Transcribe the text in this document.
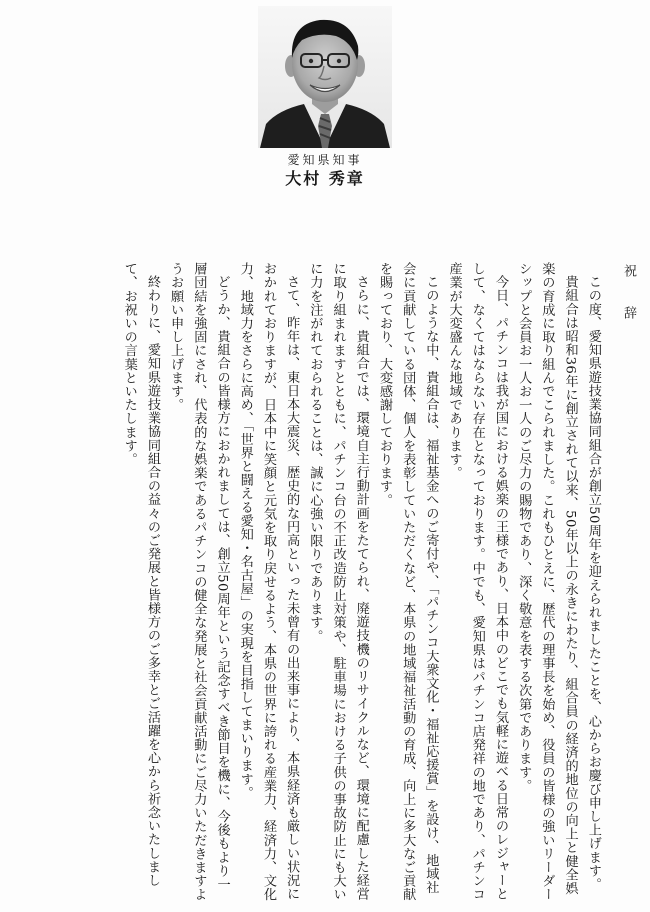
愛知県知事
大村 秀章

祝　辞

この度、愛知県遊技業協同組合が創立50周年を迎えられましたことを、心からお慶び申し上げます。

貴組合は昭和36年に創立されて以来、50年以上の永きにわたり、組合員の経済的地位の向上と健全娯楽の育成に取り組んでこられました。これもひとえに、歴代の理事長を始め、役員の皆様の強いリーダーシップと会員お一人お一人のご尽力の賜物であり、深く敬意を表する次第であります。

今日、パチンコは我が国における娯楽の王様であり、日本中のどこでも気軽に遊べる日常のレジャーとして、なくてはならない存在となっております。中でも、愛知県はパチンコ店発祥の地であり、パチンコ産業が大変盛んな地域であります。

このような中、貴組合は、福祉基金へのご寄付や、「パチンコ大衆文化・福祉応援賞」を設け、地域社会に貢献している団体、個人を表彰していただくなど、本県の地域福祉活動の育成、向上に多大なご貢献を賜っており、大変感謝しております。

さらに、貴組合では、環境自主行動計画をたてられ、廃遊技機のリサイクルなど、環境に配慮した経営に取り組まれますとともに、パチンコ台の不正改造防止対策や、駐車場における子供の事故防止にも大いに力を注がれておられることは、誠に心強い限りであります。

さて、昨年は、東日本大震災、歴史的な円高といった未曾有の出来事により、本県経済も厳しい状況におかれておりますが、日本中に笑顔と元気を取り戻せるよう、本県の世界に誇れる産業力、経済力、文化力、地域力をさらに高め、「世界と闘える愛知・名古屋」の実現を目指してまいります。

どうか、貴組合の皆様方におかれましては、創立50周年という記念すべき節目を機に、今後もより一層団結を強固にされ、代表的な娯楽であるパチンコの健全な発展と社会貢献活動にご尽力いただきますようお願い申し上げます。

終わりに、愛知県遊技業協同組合の益々のご発展と皆様方のご多幸とご活躍を心から祈念いたしまして、お祝いの言葉といたします。
